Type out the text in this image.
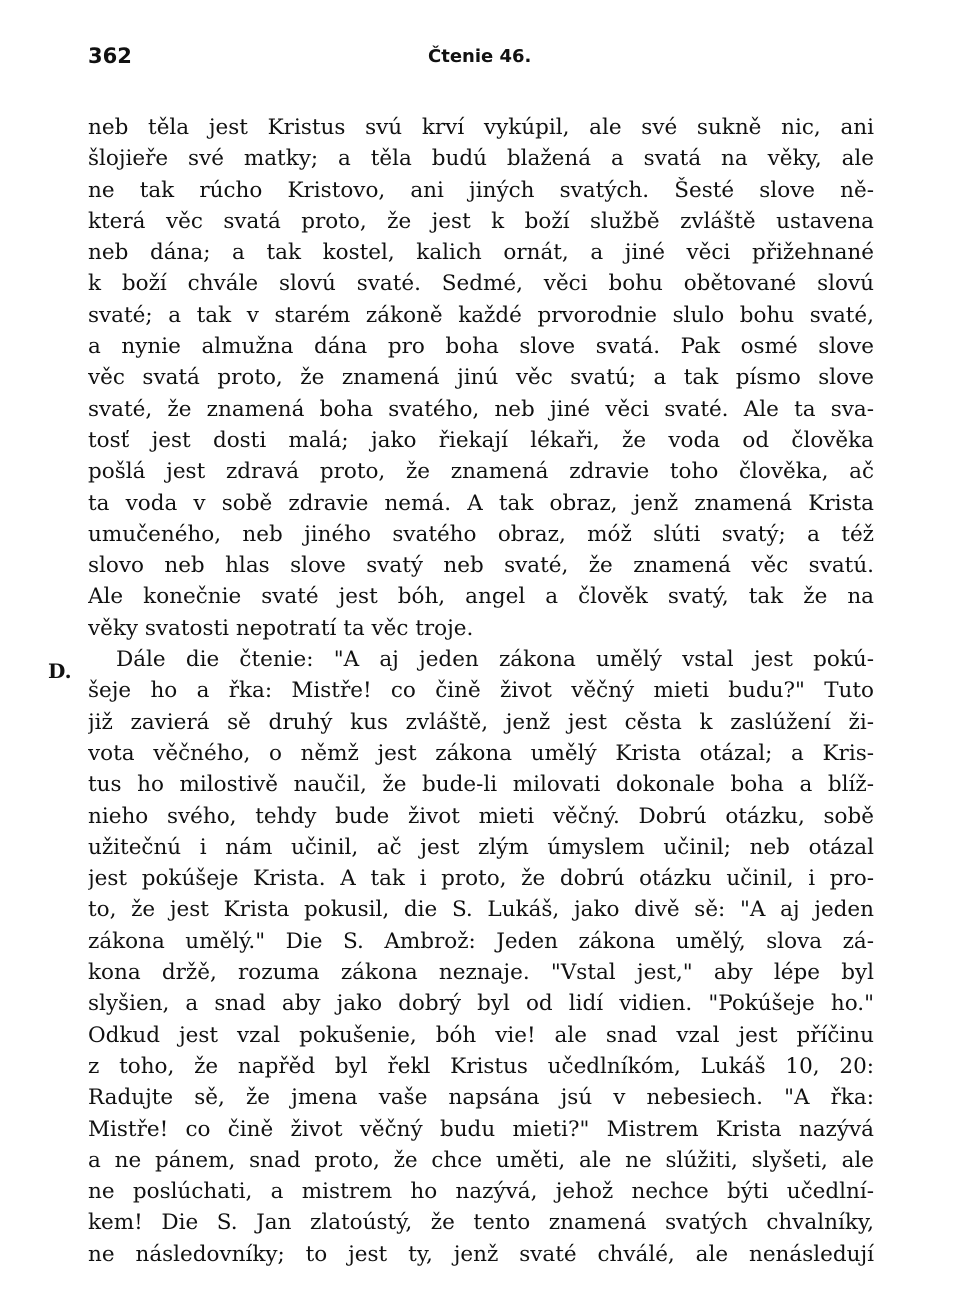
362	Čtenie 46.
D.
neb těla jest Kristus svú krví vykúpil, ale své sukně nic, ani
šlojieře své matky; a těla budú blažená a svatá na věky, ale
ne tak rúcho Kristovo, ani jiných svatých. Šesté slove ně-
která věc svatá proto, že jest k boží službě zvláště ustavena
neb dána; a tak kostel, kalich ornát, a jiné věci přižehnané
k boží chvále slovú svaté. Sedmé, věci bohu obětované slovú
svaté; a tak v starém zákoně každé prvorodnie slulo bohu svaté,
a nynie almužna dána pro boha slove svatá. Pak osmé slove
věc svatá proto, že znamená jinú věc svatú; a tak písmo slove
svaté, že znamená boha svatého, neb jiné věci svaté. Ale ta sva-
tosť jest dosti malá; jako řiekají lékaři, že voda od člověka
pošlá jest zdravá proto, že znamená zdravie toho člověka, ač
ta voda v sobě zdravie nemá. A tak obraz, jenž znamená Krista
umučeného, neb jiného svatého obraz, móž slúti svatý; a též
slovo neb hlas slove svatý neb svaté, že znamená věc svatú.
Ale konečnie svaté jest bóh, angel a člověk svatý, tak že na
věky svatosti nepotratí ta věc troje.
Dále die čtenie: "A aj jeden zákona umělý vstal jest pokú-
šeje ho a řka: Mistře! co čině život věčný mieti budu?" Tuto
již zavierá sě druhý kus zvláště, jenž jest cěsta k zaslúžení ži-
vota věčného, o němž jest zákona umělý Krista otázal; a Kris-
tus ho milostivě naučil, že bude-li milovati dokonale boha a blíž-
nieho svého, tehdy bude život mieti věčný. Dobrú otázku, sobě
užitečnú i nám učinil, ač jest zlým úmyslem učinil; neb otázal
jest pokúšeje Krista. A tak i proto, že dobrú otázku učinil, i pro-
to, že jest Krista pokusil, die S. Lukáš, jako divě sě: "A aj jeden
zákona umělý." Die S. Ambrož: Jeden zákona umělý, slova zá-
kona držě, rozuma zákona neznaje. "Vstal jest," aby lépe byl
slyšien, a snad aby jako dobrý byl od lidí vidien. "Pokúšeje ho."
Odkud jest vzal pokušenie, bóh vie! ale snad vzal jest příčinu
z toho, že napřěd byl řekl Kristus učedlníkóm, Lukáš 10, 20:
Radujte sě, že jmena vaše napsána jsú v nebesiech. "A řka:
Mistře! co čině život věčný budu mieti?" Mistrem Krista nazývá
a ne pánem, snad proto, že chce uměti, ale ne slúžiti, slyšeti, ale
ne poslúchati, a mistrem ho nazývá, jehož nechce býti učedlní-
kem! Die S. Jan zlatoústý, že tento znamená svatých chvalníky,
ne následovníky; to jest ty, jenž svaté chválé, ale nenásledují
